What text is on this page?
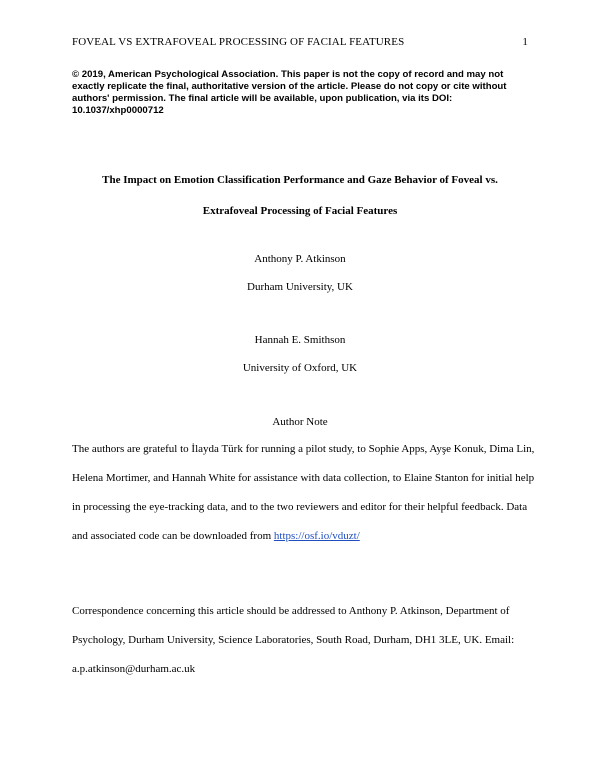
FOVEAL VS EXTRAFOVEAL PROCESSING OF FACIAL FEATURES	1
© 2019, American Psychological Association. This paper is not the copy of record and may not exactly replicate the final, authoritative version of the article. Please do not copy or cite without authors' permission. The final article will be available, upon publication, via its DOI: 10.1037/xhp0000712
The Impact on Emotion Classification Performance and Gaze Behavior of Foveal vs.
Extrafoveal Processing of Facial Features
Anthony P. Atkinson
Durham University, UK
Hannah E. Smithson
University of Oxford, UK
Author Note
The authors are grateful to İlayda Türk for running a pilot study, to Sophie Apps, Ayşe Konuk, Dima Lin, Helena Mortimer, and Hannah White for assistance with data collection, to Elaine Stanton for initial help in processing the eye-tracking data, and to the two reviewers and editor for their helpful feedback. Data and associated code can be downloaded from https://osf.io/vduzt/
Correspondence concerning this article should be addressed to Anthony P. Atkinson, Department of Psychology, Durham University, Science Laboratories, South Road, Durham, DH1 3LE, UK. Email: a.p.atkinson@durham.ac.uk
